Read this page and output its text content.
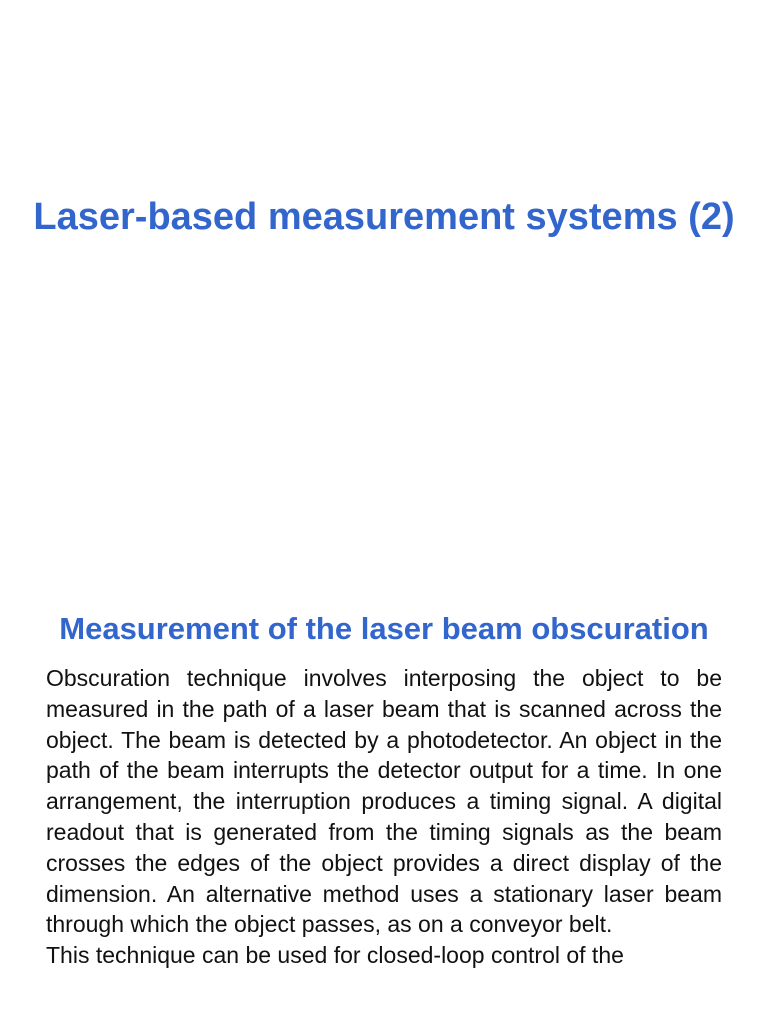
Laser-based measurement systems (2)
Measurement of the laser beam obscuration

Obscuration technique involves interposing the object to be measured in the path of a laser beam that is scanned across the object. The beam is detected by a photodetector. An object in the path of the beam interrupts the detector output for a time. In one arrangement, the interruption produces a timing signal. A digital readout that is generated from the timing signals as the beam crosses the edges of the object provides a direct display of the dimension. An alternative method uses a stationary laser beam through which the object passes, as on a conveyor belt.

This technique can be used for closed-loop control of the
